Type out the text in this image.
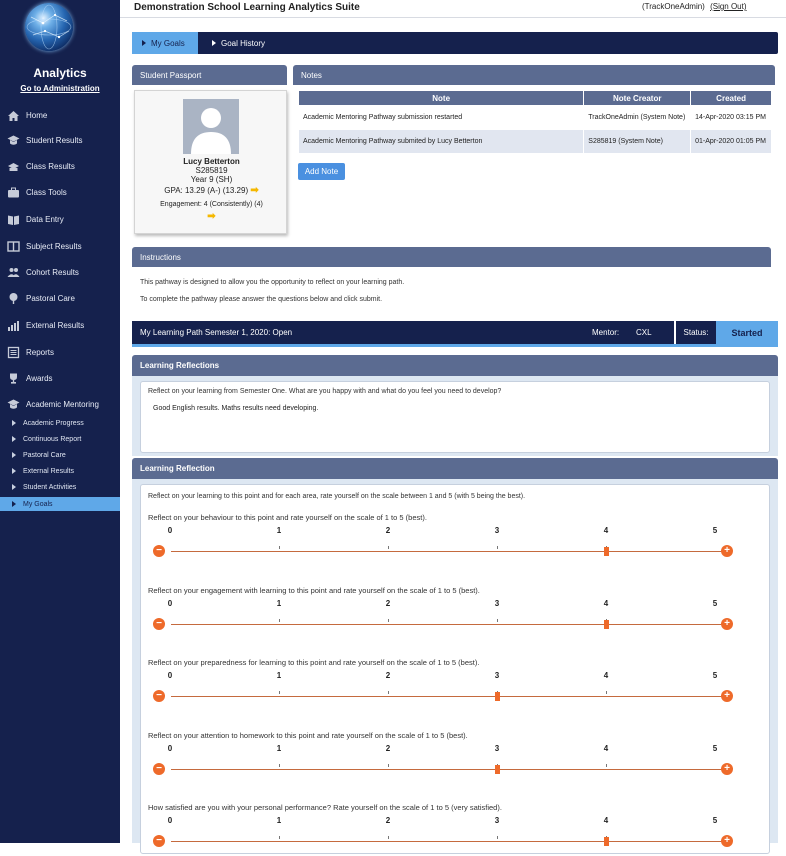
Analytics
Go to Administration
Home
Student Results
Class Results
Class Tools
Data Entry
Subject Results
Cohort Results
Pastoral Care
External Results
Reports
Awards
Academic Mentoring
Academic Progress
Continuous Report
Pastoral Care
External Results
Student Activities
My Goals
Demonstration School Learning Analytics Suite	(TrackOneAdmin) (Sign Out)
My Goals	Goal History
Student Passport
Lucy Betterton
S285819
Year 9 (SH)
GPA: 13.29 (A-) (13.29) ➡
Engagement: 4 (Consistently) (4)
➡
Notes
Note	Note Creator	Created
Academic Mentoring Pathway submission restarted	TrackOneAdmin (System Note)	14-Apr-2020 03:15 PM
Academic Mentoring Pathway submited by Lucy Betterton	S285819 (System Note)	01-Apr-2020 01:05 PM
Add Note
Instructions
This pathway is designed to allow you the opportunity to reflect on your learning path.
To complete the pathway please answer the questions below and click submit.
My Learning Path Semester 1, 2020: Open	Mentor: CXL	Status:	Started
Learning Reflections
Reflect on your learning from Semester One. What are you happy with and what do you feel you need to develop?
Good English results. Maths results need developing.
Learning Reflection
Reflect on your learning to this point and for each area, rate yourself on the scale between 1 and 5 (with 5 being the best).
Reflect on your behaviour to this point and rate yourself on the scale of 1 to 5 (best).
0	1	2	3	4	5
−	+
Reflect on your engagement with learning to this point and rate yourself on the scale of 1 to 5 (best).
0	1	2	3	4	5
−	+
Reflect on your preparedness for learning to this point and rate yourself on the scale of 1 to 5 (best).
0	1	2	3	4	5
−	+
Reflect on your attention to homework to this point and rate yourself on the scale of 1 to 5 (best).
0	1	2	3	4	5
−	+
How satisfied are you with your personal performance? Rate yourself on the scale of 1 to 5 (very satisfied).
0	1	2	3	4	5
−	+
